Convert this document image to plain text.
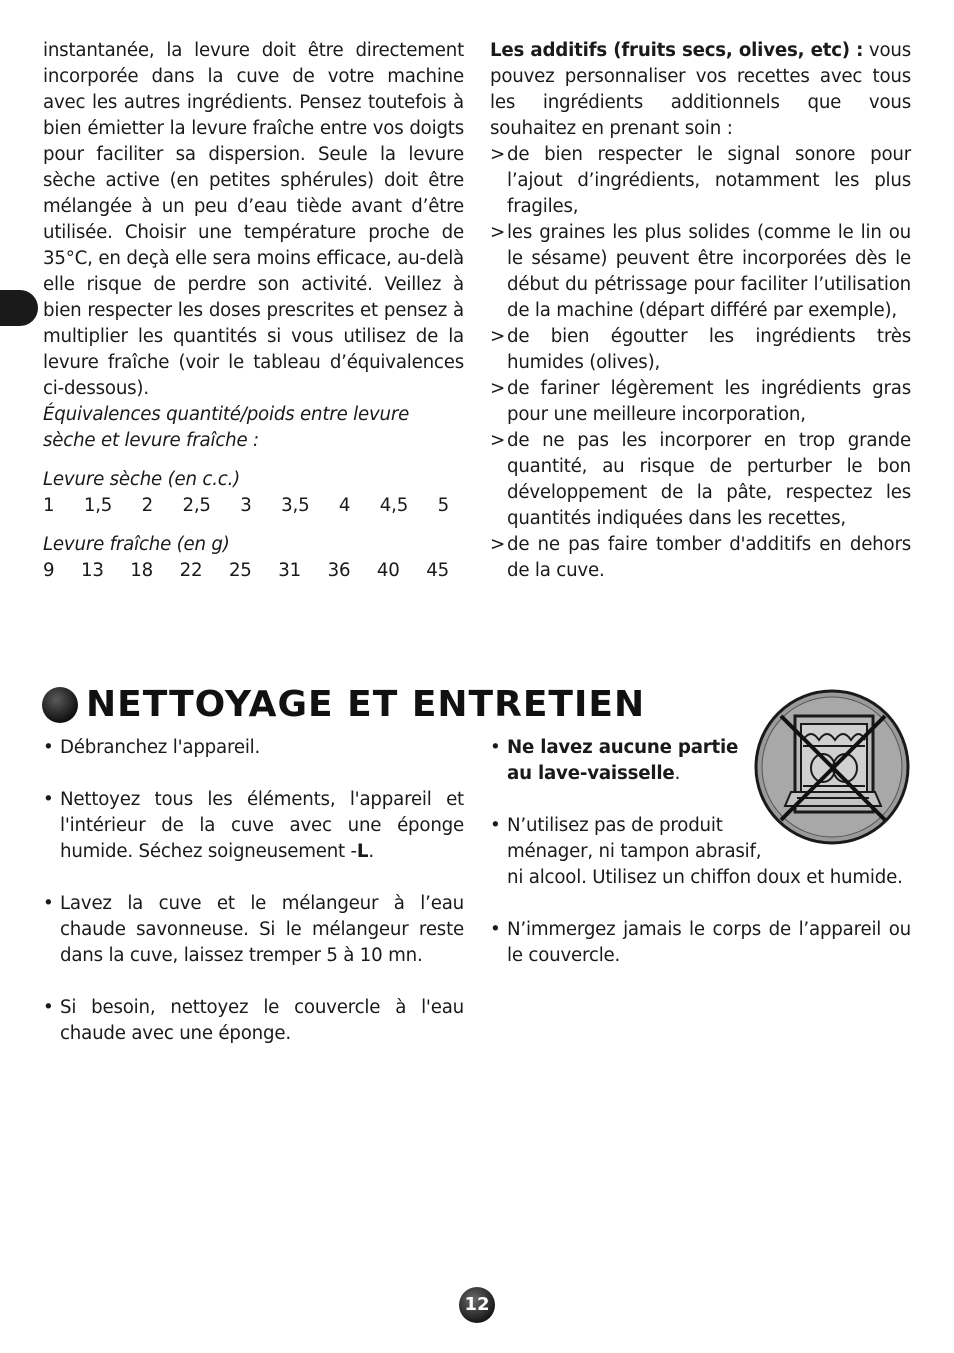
instantanée, la levure doit être directement incorporée dans la cuve de votre machine avec les autres ingrédients. Pensez toutefois à bien émietter la levure fraîche entre vos doigts pour faciliter sa dispersion. Seule la levure sèche active (en petites sphérules) doit être mélangée à un peu d’eau tiède avant d’être utilisée. Choisir une température proche de 35°C, en deçà elle sera moins efficace, au-delà elle risque de perdre son activité. Veillez à bien respecter les doses prescrites et pensez à multiplier les quantités si vous utilisez de la levure fraîche (voir le tableau d’équivalences ci-dessous).

Équivalences quantité/poids entre levure sèche et levure fraîche :

Levure sèche (en c.c.)

1 1,5 2 2,5 3 3,5 4 4,5 5

Levure fraîche (en g)

9 13 18 22 25 31 36 40 45

Les additifs (fruits secs, olives, etc) : vous pouvez personnaliser vos recettes avec tous les ingrédients additionnels que vous souhaitez en prenant soin :

> de bien respecter le signal sonore pour l’ajout d’ingrédients, notamment les plus fragiles,
> les graines les plus solides (comme le lin ou le sésame) peuvent être incorporées dès le début du pétrissage pour faciliter l’utilisation de la machine (départ différé par exemple),
> de bien égoutter les ingrédients très humides (olives),
> de fariner légèrement les ingrédients gras pour une meilleure incorporation,
> de ne pas les incorporer en trop grande quantité, au risque de perturber le bon développement de la pâte, respectez les quantités indiquées dans les recettes,
> de ne pas faire tomber d'additifs en dehors de la cuve.
NETTOYAGE ET ENTRETIEN
• Débranchez l'appareil.
• Nettoyez tous les éléments, l'appareil et l'intérieur de la cuve avec une éponge humide. Séchez soigneusement -L.
• Lavez la cuve et le mélangeur à l’eau chaude savonneuse. Si le mélangeur reste dans la cuve, laissez tremper 5 à 10 mn.
• Si besoin, nettoyez le couvercle à l'eau chaude avec une éponge.
• Ne lavez aucune partie
au lave-vaisselle.
• N’utilisez pas de produit
ménager, ni tampon abrasif,
ni alcool. Utilisez un chiffon doux et humide.
• N’immergez jamais le corps de l’appareil ou le couvercle.
12
